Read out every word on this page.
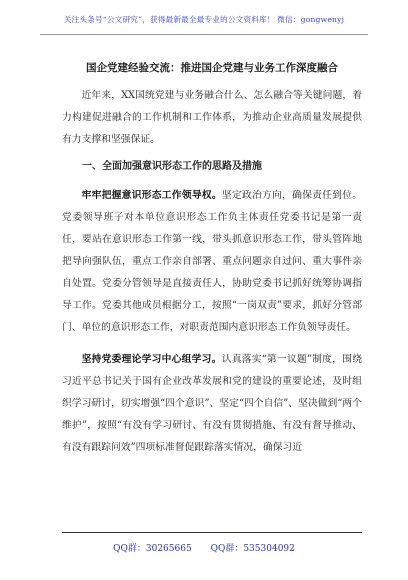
关注头条号“公文研究”，获得最新最全最专业的公文资料库！ 微信：gongwenyj
国企党建经验交流：推进国企党建与业务工作深度融合

近年来，XX国统党建与业务融合什么、怎么融合等关键问题，着力构建促进融合的工作机制和工作体系，为推动企业高质量发展提供有力支撑和坚强保证。

一、全面加强意识形态工作的思路及措施

牢牢把握意识形态工作领导权。坚定政治方向，确保责任到位。党委领导班子对本单位意识形态工作负主体责任党委书记是第一责任，要站在意识形态工作第一线，带头抓意识形态工作，带头管阵地把导向强队伍，重点工作亲自部署、重点问题亲自过问、重大事件亲自处置。党委分管领导是直接责任人，协助党委书记抓好统筹协调指导工作。党委其他成员根据分工，按照“一岗双责”要求，抓好分管部门、单位的意识形态工作，对职责范围内意识形态工作负领导责任。

坚持党委理论学习中心组学习。认真落实“第一议题”制度，围绕习近平总书记关于国有企业改革发展和党的建设的重要论述，及时组织学习研讨，切实增强“四个意识”、坚定“四个自信”、坚决做到“两个维护”，按照“有没有学习研讨、有没有贯彻措施、有没有督导推动、有没有跟踪问效”四项标准督促跟踪落实情况，确保习近

QQ群：30265665 QQ群：535304092
